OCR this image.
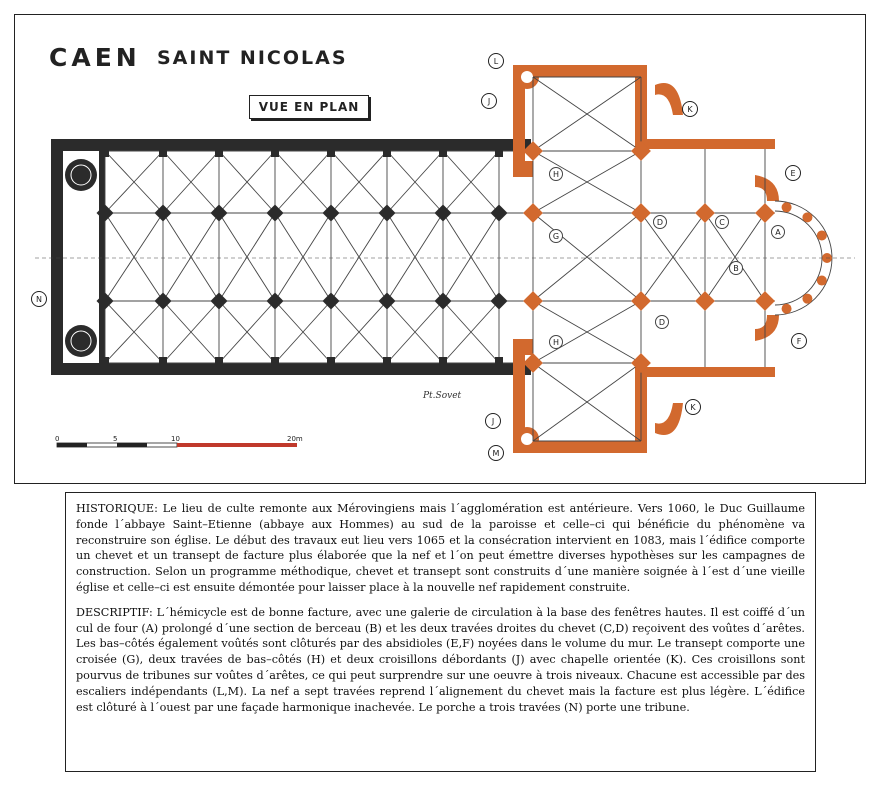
CAEN SAINT NICOLAS
VUE EN PLAN
Pt.Sovet
0	5	10	20m
L
J
K
E
N
F
J
K
M
H
G
H
D	C
A
B
D

HISTORIQUE: Le lieu de culte remonte aux Mérovingiens mais l´agglomération est antérieure. Vers 1060, le Duc Guillaume fonde l´abbaye Saint–Etienne (abbaye aux Hommes) au sud de la paroisse et celle–ci qui bénéficie du phénomène va reconstruire son église. Le début des travaux eut lieu vers 1065 et la consécration intervient en 1083, mais l´édifice comporte un chevet et un transept de facture plus élaborée que la nef et l´on peut émettre diverses hypothèses sur les campagnes de construction. Selon un programme méthodique, chevet et transept sont construits d´une manière soignée à l´est d´une vieille église et celle–ci est ensuite démontée pour laisser place à la nouvelle nef rapidement construite.

DESCRIPTIF: L´hémicycle est de bonne facture, avec une galerie de circulation à la base des fenêtres hautes. Il est coiffé d´un cul de four (A) prolongé d´une section de berceau (B) et les deux travées droites du chevet (C,D) reçoivent des voûtes d´arêtes. Les bas–côtés également voûtés sont clôturés par des absidioles (E,F) noyées dans le volume du mur. Le transept comporte une croisée (G), deux travées de bas–côtés (H) et deux croisillons débordants (J) avec chapelle orientée (K). Ces croisillons sont pourvus de tribunes sur voûtes d´arêtes, ce qui peut surprendre sur une oeuvre à trois niveaux. Chacune est accessible par des escaliers indépendants (L,M). La nef a sept travées reprend l´alignement du chevet mais la facture est plus légère. L´édifice est clôturé à l´ouest par une façade harmonique inachevée. Le porche a trois travées (N) porte une tribune.
